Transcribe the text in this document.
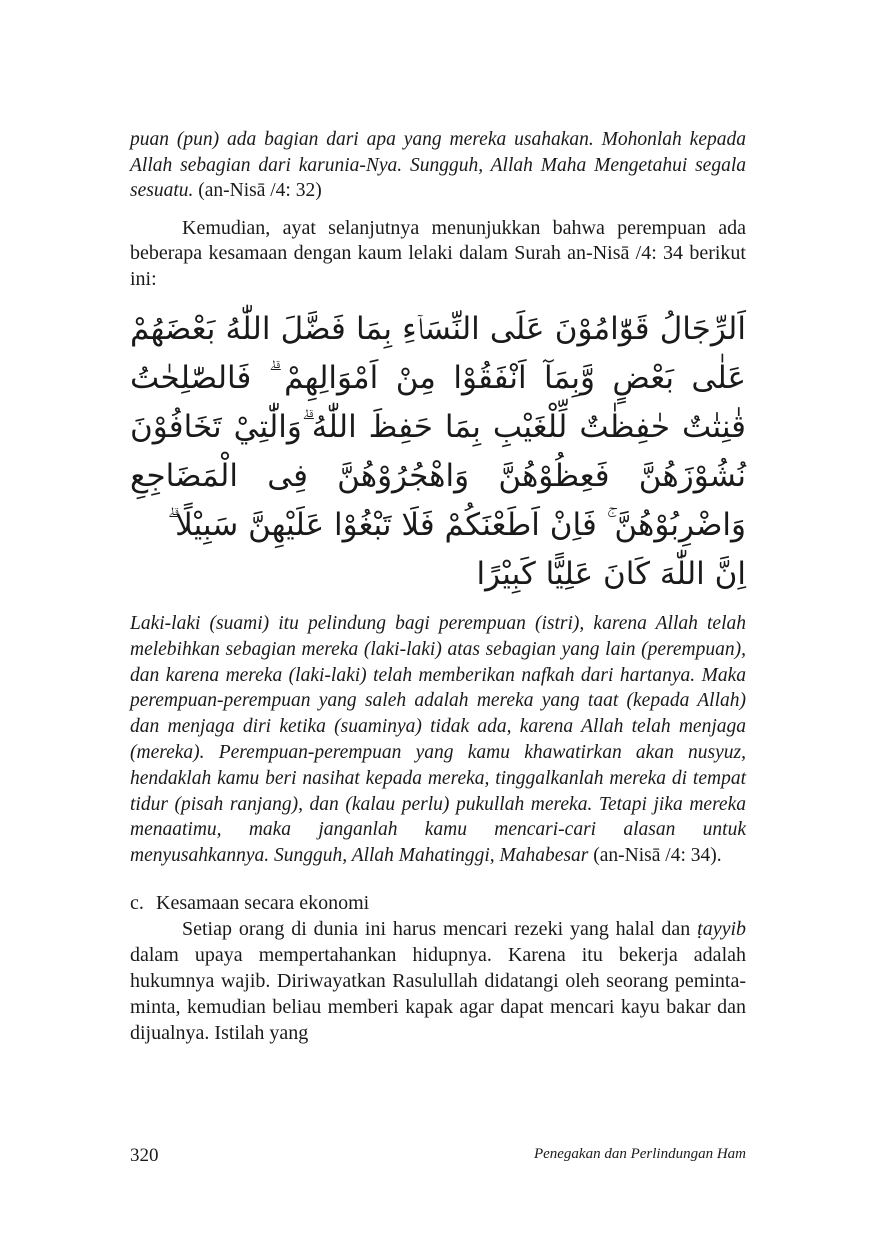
puan (pun) ada bagian dari apa yang mereka usahakan. Mohonlah kepada Allah sebagian dari karunia-Nya. Sungguh, Allah Maha Mengetahui segala sesuatu. (an-Nisā /4: 32)

Kemudian, ayat selanjutnya menunjukkan bahwa perempuan ada beberapa kesamaan dengan kaum lelaki dalam Surah an-Nisā /4: 34 berikut ini:

اَلرِّجَالُ قَوّٰامُوْنَ عَلَى النِّسَاۤءِ بِمَا فَضَّلَ اللّٰهُ بَعْضَهُمْ عَلٰى بَعْضٍ وَّبِمَآ اَنْفَقُوْا مِنْ اَمْوَالِهِمْ ۗ فَالصّٰلِحٰتُ قٰنِتٰتٌ حٰفِظٰتٌ لِّلْغَيْبِ بِمَا حَفِظَ اللّٰهُ ۗوَالّٰتِيْ تَخَافُوْنَ نُشُوْزَهُنَّ فَعِظُوْهُنَّ وَاهْجُرُوْهُنَّ فِى الْمَضَاجِعِ وَاضْرِبُوْهُنَّ ۚ فَاِنْ اَطَعْنَكُمْ فَلَا تَبْغُوْا عَلَيْهِنَّ سَبِيْلًا ۗ
اِنَّ اللّٰهَ كَانَ عَلِيًّا كَبِيْرًا

Laki-laki (suami) itu pelindung bagi perempuan (istri), karena Allah telah melebihkan sebagian mereka (laki-laki) atas sebagian yang lain (perempuan), dan karena mereka (laki-laki) telah memberikan nafkah dari hartanya. Maka perempuan-perempuan yang saleh adalah mereka yang taat (kepada Allah) dan menjaga diri ketika (suaminya) tidak ada, karena Allah telah menjaga (mereka). Perempuan-perempuan yang kamu khawatirkan akan nusyuz, hendaklah kamu beri nasihat kepada mereka, tinggalkanlah mereka di tempat tidur (pisah ranjang), dan (kalau perlu) pukullah mereka. Tetapi jika mereka menaatimu, maka janganlah kamu mencari-cari alasan untuk menyusahkannya. Sungguh, Allah Mahatinggi, Mahabesar (an-Nisā /4: 34).

c. Kesamaan secara ekonomi

Setiap orang di dunia ini harus mencari rezeki yang halal dan ṭayyib dalam upaya mempertahankan hidupnya. Karena itu bekerja adalah hukumnya wajib. Diriwayatkan Rasulullah didatangi oleh seorang peminta-minta, kemudian beliau memberi kapak agar dapat mencari kayu bakar dan dijualnya. Istilah yang

320	Penegakan dan Perlindungan Ham
